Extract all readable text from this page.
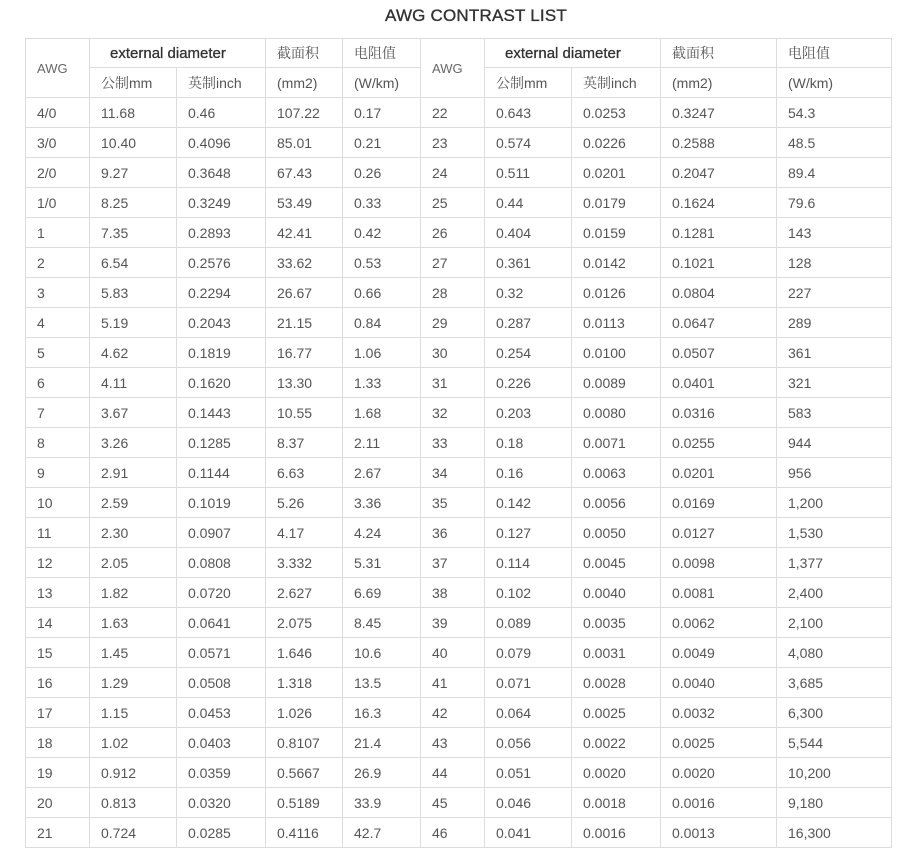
AWG CONTRAST LIST
AWG	external diameter		截面积	电阻值	AWG	external diameter		截面积	电阻值
	公制mm	英制inch	(mm2)	(W/km)		公制mm	英制inch	(mm2)	(W/km)
4/0	11.68	0.46	107.22	0.17	22	0.643	0.0253	0.3247	54.3
3/0	10.40	0.4096	85.01	0.21	23	0.574	0.0226	0.2588	48.5
2/0	9.27	0.3648	67.43	0.26	24	0.511	0.0201	0.2047	89.4
1/0	8.25	0.3249	53.49	0.33	25	0.44	0.0179	0.1624	79.6
1	7.35	0.2893	42.41	0.42	26	0.404	0.0159	0.1281	143
2	6.54	0.2576	33.62	0.53	27	0.361	0.0142	0.1021	128
3	5.83	0.2294	26.67	0.66	28	0.32	0.0126	0.0804	227
4	5.19	0.2043	21.15	0.84	29	0.287	0.0113	0.0647	289
5	4.62	0.1819	16.77	1.06	30	0.254	0.0100	0.0507	361
6	4.11	0.1620	13.30	1.33	31	0.226	0.0089	0.0401	321
7	3.67	0.1443	10.55	1.68	32	0.203	0.0080	0.0316	583
8	3.26	0.1285	8.37	2.11	33	0.18	0.0071	0.0255	944
9	2.91	0.1144	6.63	2.67	34	0.16	0.0063	0.0201	956
10	2.59	0.1019	5.26	3.36	35	0.142	0.0056	0.0169	1,200
11	2.30	0.0907	4.17	4.24	36	0.127	0.0050	0.0127	1,530
12	2.05	0.0808	3.332	5.31	37	0.114	0.0045	0.0098	1,377
13	1.82	0.0720	2.627	6.69	38	0.102	0.0040	0.0081	2,400
14	1.63	0.0641	2.075	8.45	39	0.089	0.0035	0.0062	2,100
15	1.45	0.0571	1.646	10.6	40	0.079	0.0031	0.0049	4,080
16	1.29	0.0508	1.318	13.5	41	0.071	0.0028	0.0040	3,685
17	1.15	0.0453	1.026	16.3	42	0.064	0.0025	0.0032	6,300
18	1.02	0.0403	0.8107	21.4	43	0.056	0.0022	0.0025	5,544
19	0.912	0.0359	0.5667	26.9	44	0.051	0.0020	0.0020	10,200
20	0.813	0.0320	0.5189	33.9	45	0.046	0.0018	0.0016	9,180
21	0.724	0.0285	0.4116	42.7	46	0.041	0.0016	0.0013	16,300
